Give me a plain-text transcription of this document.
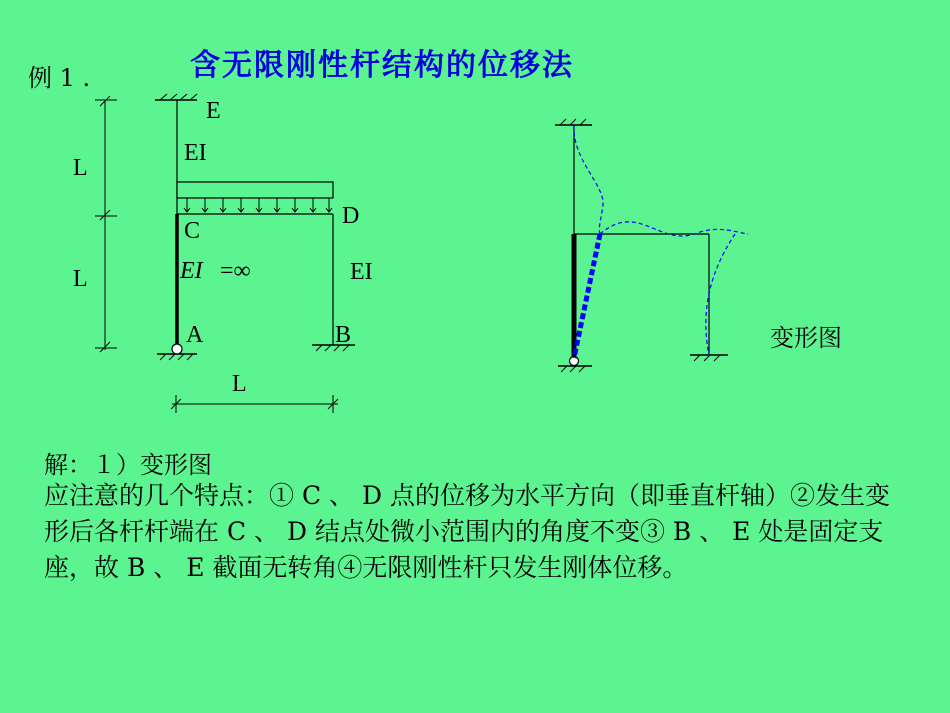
含无限刚性杆结构的位移法
例 1 .
E
EI
D
C
EI =∞	EI
A	B
L
L
L
变形图
解：１）变形图
应注意的几个特点：① C 、 D 点的位移为水平方向（即垂直杆轴）②发生变形后各杆杆端在 C 、 D 结点处微小范围内的角度不变③ B 、 E 处是固定支座，故 B 、 E 截面无转角④无限刚性杆只发生刚体位移。
